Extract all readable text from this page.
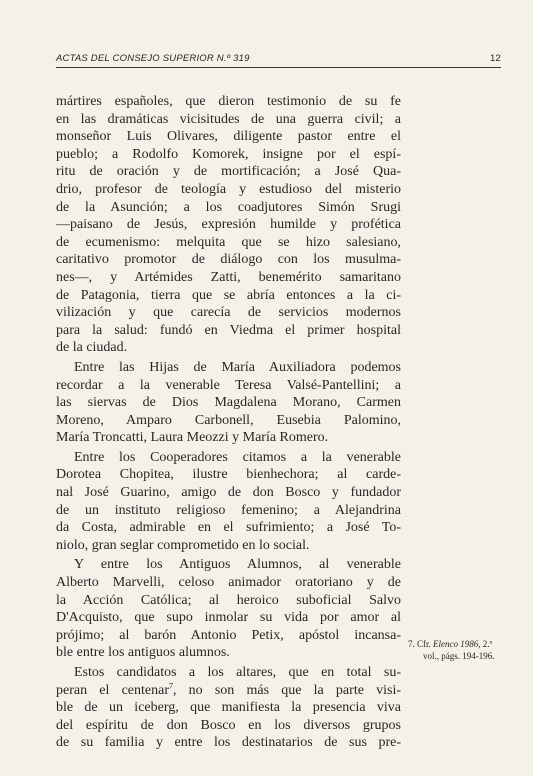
ACTAS DEL CONSEJO SUPERIOR N.º 319	12
mártires españoles, que dieron testimonio de su fe
en las dramáticas vicisitudes de una guerra civil; a
monseñor Luis Olivares, diligente pastor entre el
pueblo; a Rodolfo Komorek, insigne por el espí-
ritu de oración y de mortificación; a José Qua-
drio, profesor de teología y estudioso del misterio
de la Asunción; a los coadjutores Simón Srugi
—paisano de Jesús, expresión humilde y profética
de ecumenismo: melquita que se hizo salesiano,
caritativo promotor de diálogo con los musulma-
nes—, y Artémides Zatti, benemérito samaritano
de Patagonia, tierra que se abría entonces a la ci-
vilización y que carecía de servicios modernos
para la salud: fundó en Viedma el primer hospital
de la ciudad.
Entre las Hijas de María Auxiliadora podemos
recordar a la venerable Teresa Valsé-Pantellini; a
las siervas de Dios Magdalena Morano, Carmen
Moreno, Amparo Carbonell, Eusebia Palomino,
María Troncatti, Laura Meozzi y María Romero.
Entre los Cooperadores citamos a la venerable
Dorotea Chopitea, ilustre bienhechora; al carde-
nal José Guarino, amigo de don Bosco y fundador
de un instituto religioso femenino; a Alejandrina
da Costa, admirable en el sufrimiento; a José To-
niolo, gran seglar comprometido en lo social.
Y entre los Antiguos Alumnos, al venerable
Alberto Marvelli, celoso animador oratoriano y de
la Acción Católica; al heroico suboficial Salvo
D'Acquisto, que supo inmolar su vida por amor al
prójimo; al barón Antonio Petix, apóstol incansa-
ble entre los antiguos alumnos.
Estos candidatos a los altares, que en total su-
peran el centenar$^7$, no son más que la parte visi-
ble de un iceberg, que manifiesta la presencia viva
del espíritu de don Bosco en los diversos grupos
de su familia y entre los destinatarios de sus pre-
7. Cfr. Elenco 1986, 2.º
vol., págs. 194-196.
